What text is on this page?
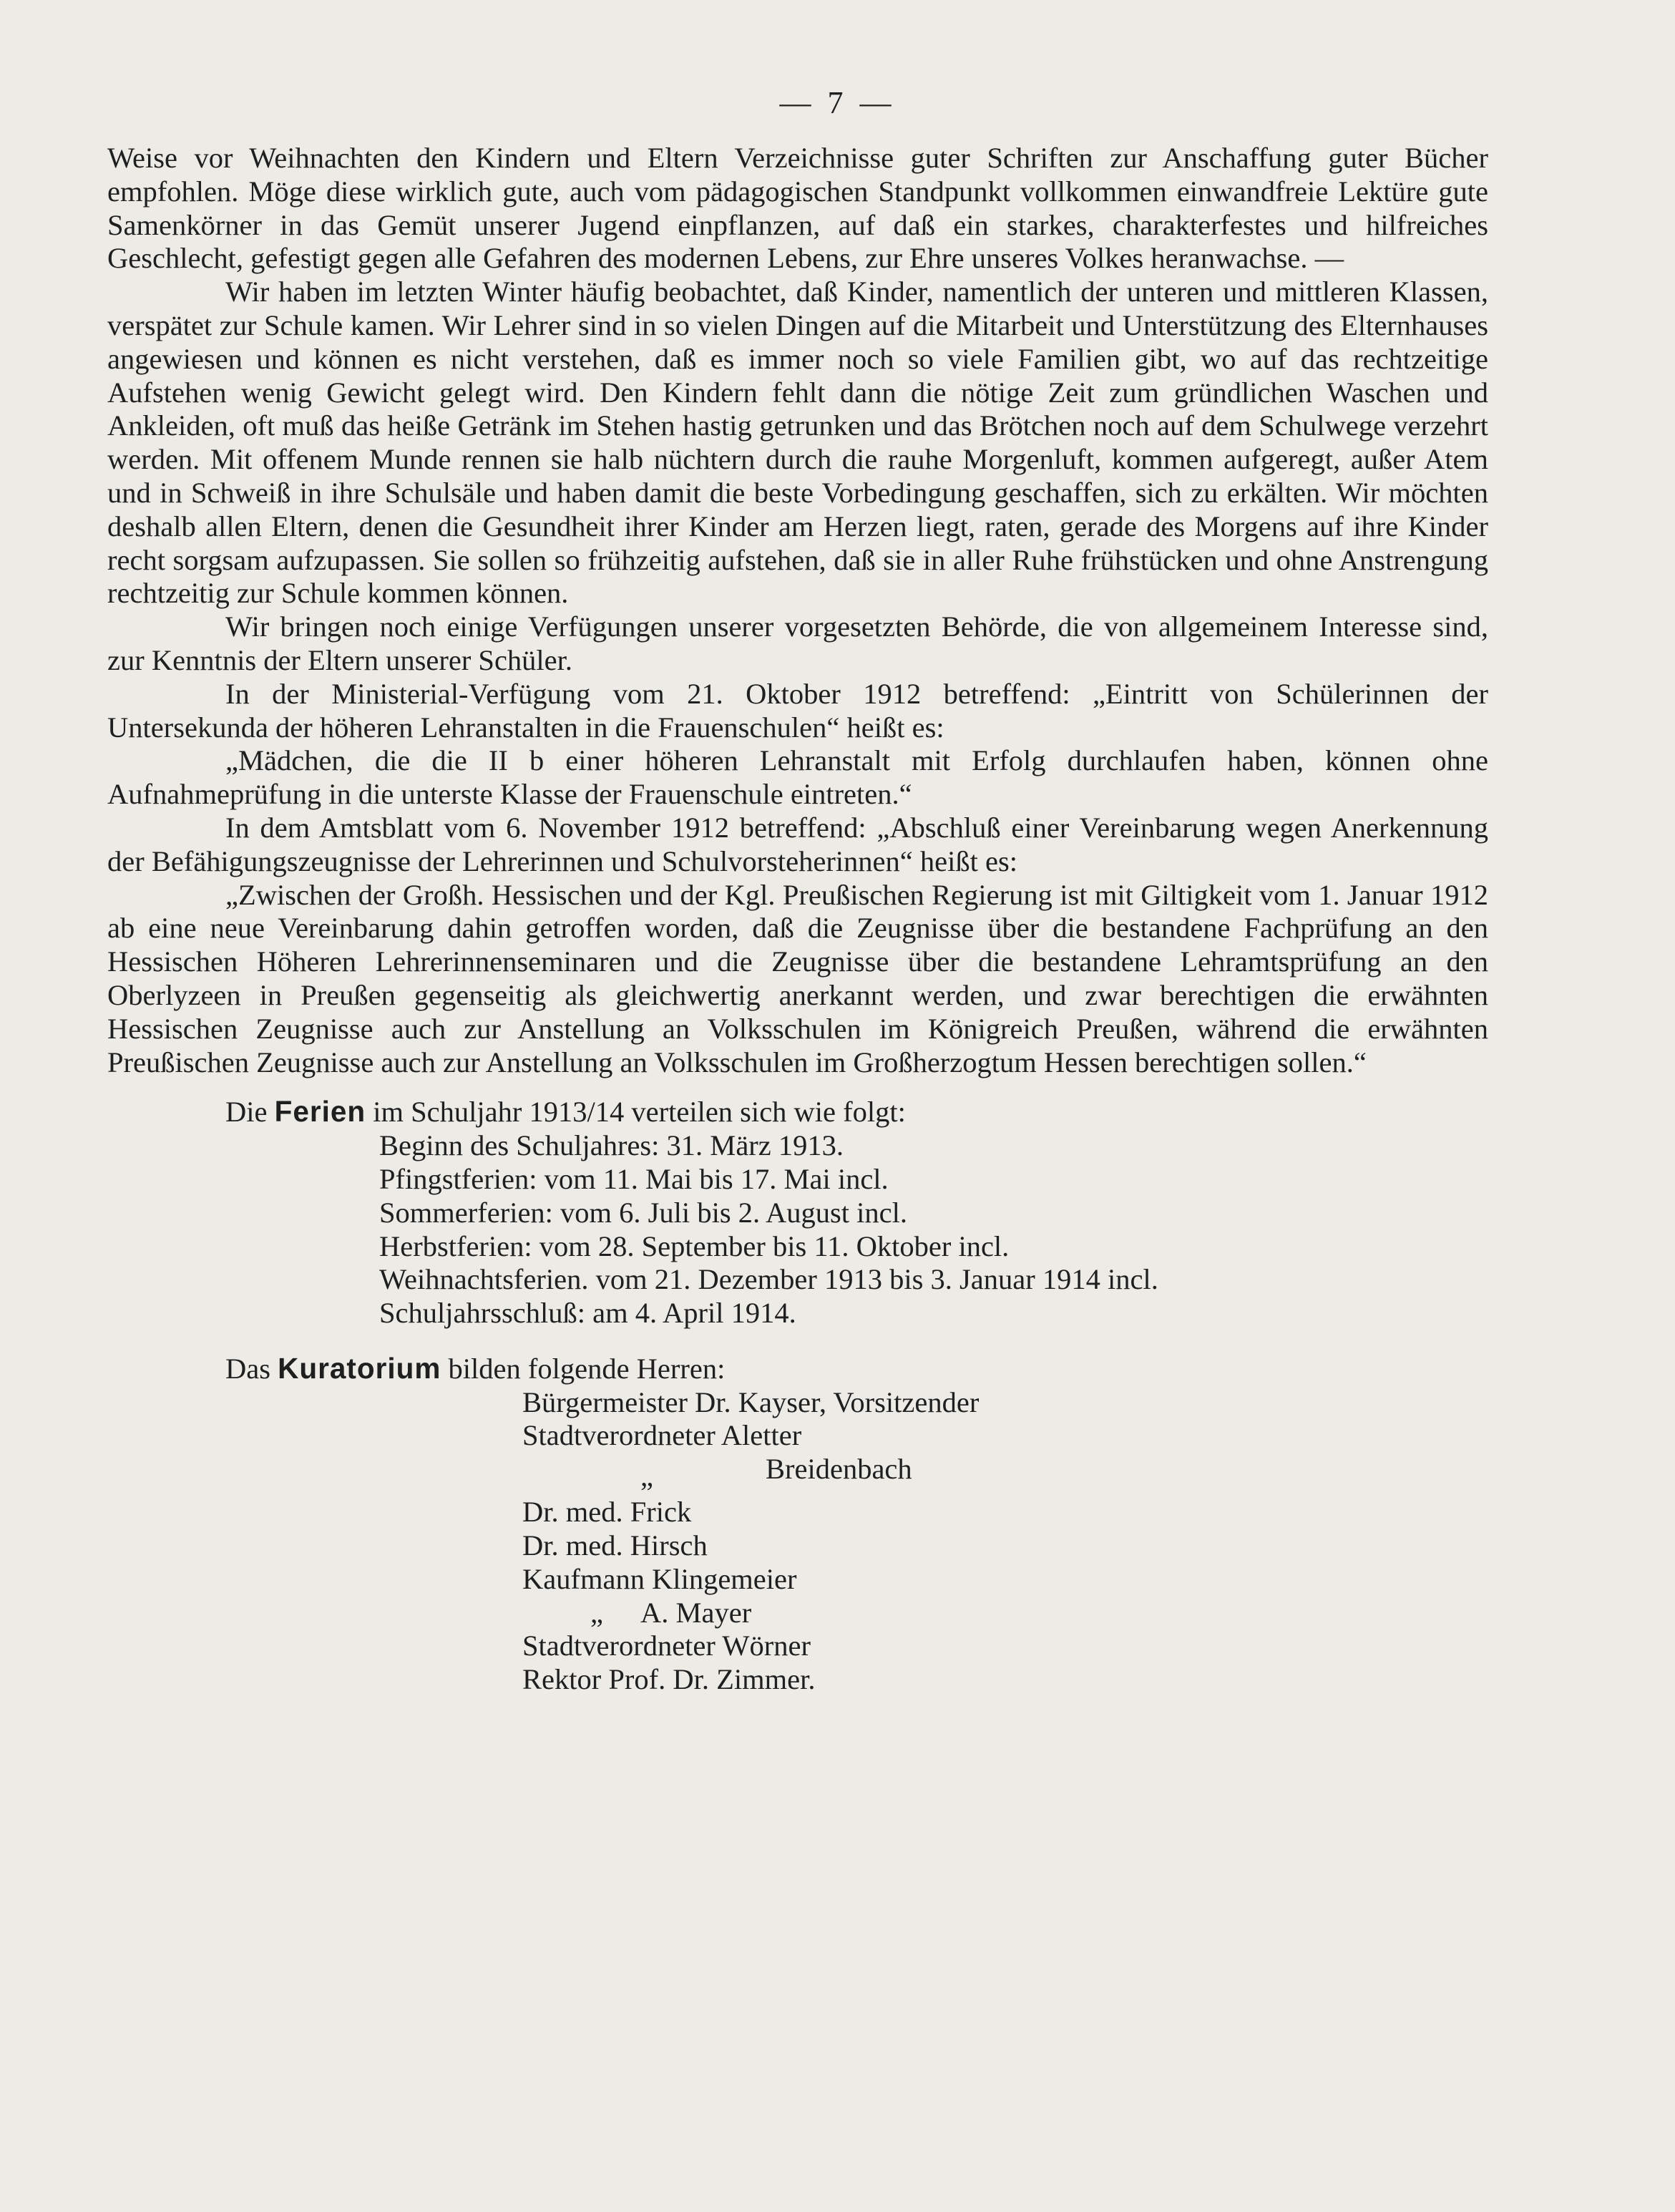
— 7 —

Weise vor Weihnachten den Kindern und Eltern Verzeichnisse guter Schriften zur Anschaffung guter Bücher empfohlen. Möge diese wirklich gute, auch vom pädagogischen Standpunkt vollkommen einwandfreie Lektüre gute Samenkörner in das Gemüt unserer Jugend einpflanzen, auf daß ein starkes, charakterfestes und hilfreiches Geschlecht, gefestigt gegen alle Gefahren des modernen Lebens, zur Ehre unseres Volkes heranwachse. —

Wir haben im letzten Winter häufig beobachtet, daß Kinder, namentlich der unteren und mittleren Klassen, verspätet zur Schule kamen. Wir Lehrer sind in so vielen Dingen auf die Mitarbeit und Unterstützung des Elternhauses angewiesen und können es nicht verstehen, daß es immer noch so viele Familien gibt, wo auf das rechtzeitige Aufstehen wenig Gewicht gelegt wird. Den Kindern fehlt dann die nötige Zeit zum gründlichen Waschen und Ankleiden, oft muß das heiße Getränk im Stehen hastig getrunken und das Brötchen noch auf dem Schulwege verzehrt werden. Mit offenem Munde rennen sie halb nüchtern durch die rauhe Morgenluft, kommen aufgeregt, außer Atem und in Schweiß in ihre Schulsäle und haben damit die beste Vorbedingung geschaffen, sich zu erkälten. Wir möchten deshalb allen Eltern, denen die Gesundheit ihrer Kinder am Herzen liegt, raten, gerade des Morgens auf ihre Kinder recht sorgsam aufzupassen. Sie sollen so frühzeitig aufstehen, daß sie in aller Ruhe frühstücken und ohne Anstrengung rechtzeitig zur Schule kommen können.

Wir bringen noch einige Verfügungen unserer vorgesetzten Behörde, die von allgemeinem Interesse sind, zur Kenntnis der Eltern unserer Schüler.

In der Ministerial-Verfügung vom 21. Oktober 1912 betreffend: „Eintritt von Schülerinnen der Untersekunda der höheren Lehranstalten in die Frauenschulen“ heißt es:

„Mädchen, die die II b einer höheren Lehranstalt mit Erfolg durchlaufen haben, können ohne Aufnahmeprüfung in die unterste Klasse der Frauenschule eintreten.“

In dem Amtsblatt vom 6. November 1912 betreffend: „Abschluß einer Vereinbarung wegen Anerkennung der Befähigungszeugnisse der Lehrerinnen und Schulvorsteherinnen“ heißt es:

„Zwischen der Großh. Hessischen und der Kgl. Preußischen Regierung ist mit Giltigkeit vom 1. Januar 1912 ab eine neue Vereinbarung dahin getroffen worden, daß die Zeugnisse über die bestandene Fachprüfung an den Hessischen Höheren Lehrerinnenseminaren und die Zeugnisse über die bestandene Lehramtsprüfung an den Oberlyzeen in Preußen gegenseitig als gleichwertig anerkannt werden, und zwar berechtigen die erwähnten Hessischen Zeugnisse auch zur Anstellung an Volksschulen im Königreich Preußen, während die erwähnten Preußischen Zeugnisse auch zur Anstellung an Volksschulen im Großherzogtum Hessen berechtigen sollen.“

Die Ferien im Schuljahr 1913/14 verteilen sich wie folgt:

Beginn des Schuljahres: 31. März 1913.
Pfingstferien: vom 11. Mai bis 17. Mai incl.
Sommerferien: vom 6. Juli bis 2. August incl.
Herbstferien: vom 28. September bis 11. Oktober incl.
Weihnachtsferien. vom 21. Dezember 1913 bis 3. Januar 1914 incl.
Schuljahrsschluß: am 4. April 1914.

Das Kuratorium bilden folgende Herren:

Bürgermeister Dr. Kayser, Vorsitzender
Stadtverordneter Aletter
„	Breidenbach
Dr. med. Frick
Dr. med. Hirsch
Kaufmann Klingemeier
„ A. Mayer
Stadtverordneter Wörner
Rektor Prof. Dr. Zimmer.
